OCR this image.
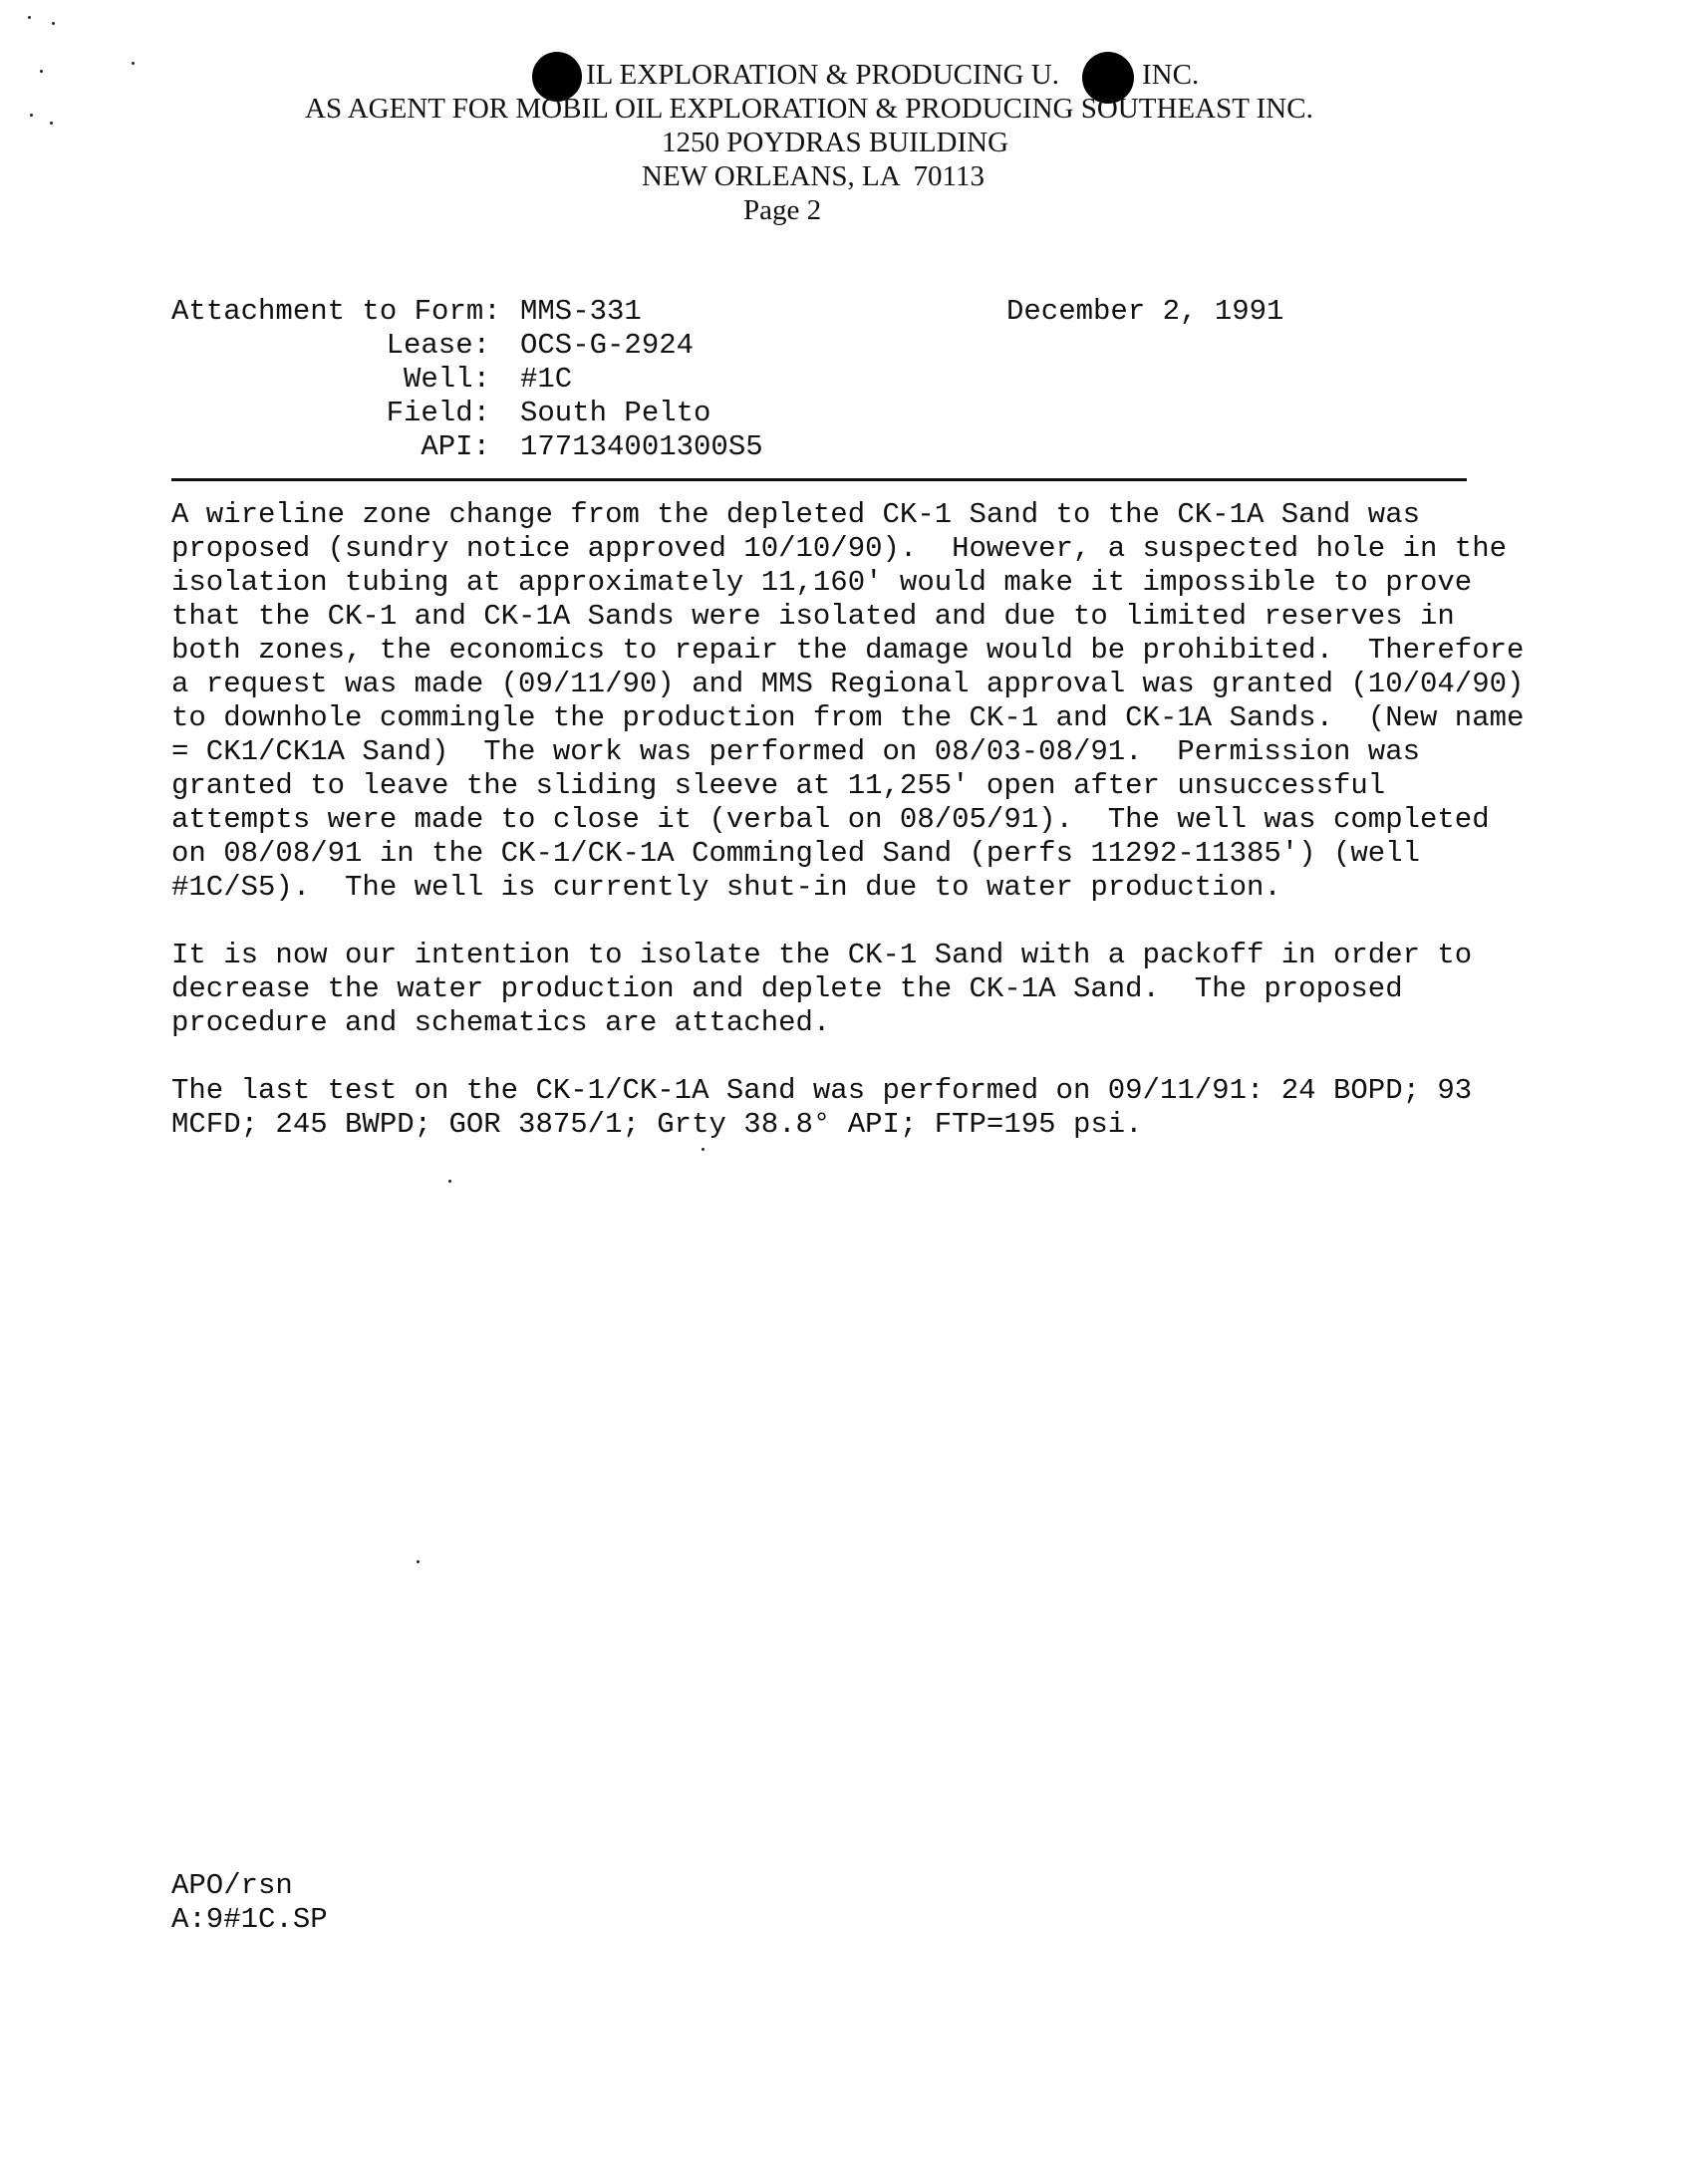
IL EXPLORATION & PRODUCING U.	INC.
AS AGENT FOR MOBIL OIL EXPLORATION & PRODUCING SOUTHEAST INC.
1250 POYDRAS BUILDING
NEW ORLEANS, LA  70113
Page 2
Attachment to Form: MMS-331	December 2, 1991
Lease: OCS-G-2924
Well: #1C
Field: South Pelto
API: 177134001300S5
A wireline zone change from the depleted CK-1 Sand to the CK-1A Sand was
proposed (sundry notice approved 10/10/90).  However, a suspected hole in the
isolation tubing at approximately 11,160' would make it impossible to prove
that the CK-1 and CK-1A Sands were isolated and due to limited reserves in
both zones, the economics to repair the damage would be prohibited.  Therefore
a request was made (09/11/90) and MMS Regional approval was granted (10/04/90)
to downhole commingle the production from the CK-1 and CK-1A Sands.  (New name
= CK1/CK1A Sand)  The work was performed on 08/03-08/91.  Permission was
granted to leave the sliding sleeve at 11,255' open after unsuccessful
attempts were made to close it (verbal on 08/05/91).  The well was completed
on 08/08/91 in the CK-1/CK-1A Commingled Sand (perfs 11292-11385') (well
#1C/S5).  The well is currently shut-in due to water production.
It is now our intention to isolate the CK-1 Sand with a packoff in order to
decrease the water production and deplete the CK-1A Sand.  The proposed
procedure and schematics are attached.
The last test on the CK-1/CK-1A Sand was performed on 09/11/91: 24 BOPD; 93
MCFD; 245 BWPD; GOR 3875/1; Grty 38.8° API; FTP=195 psi.
APO/rsn
A:9#1C.SP
